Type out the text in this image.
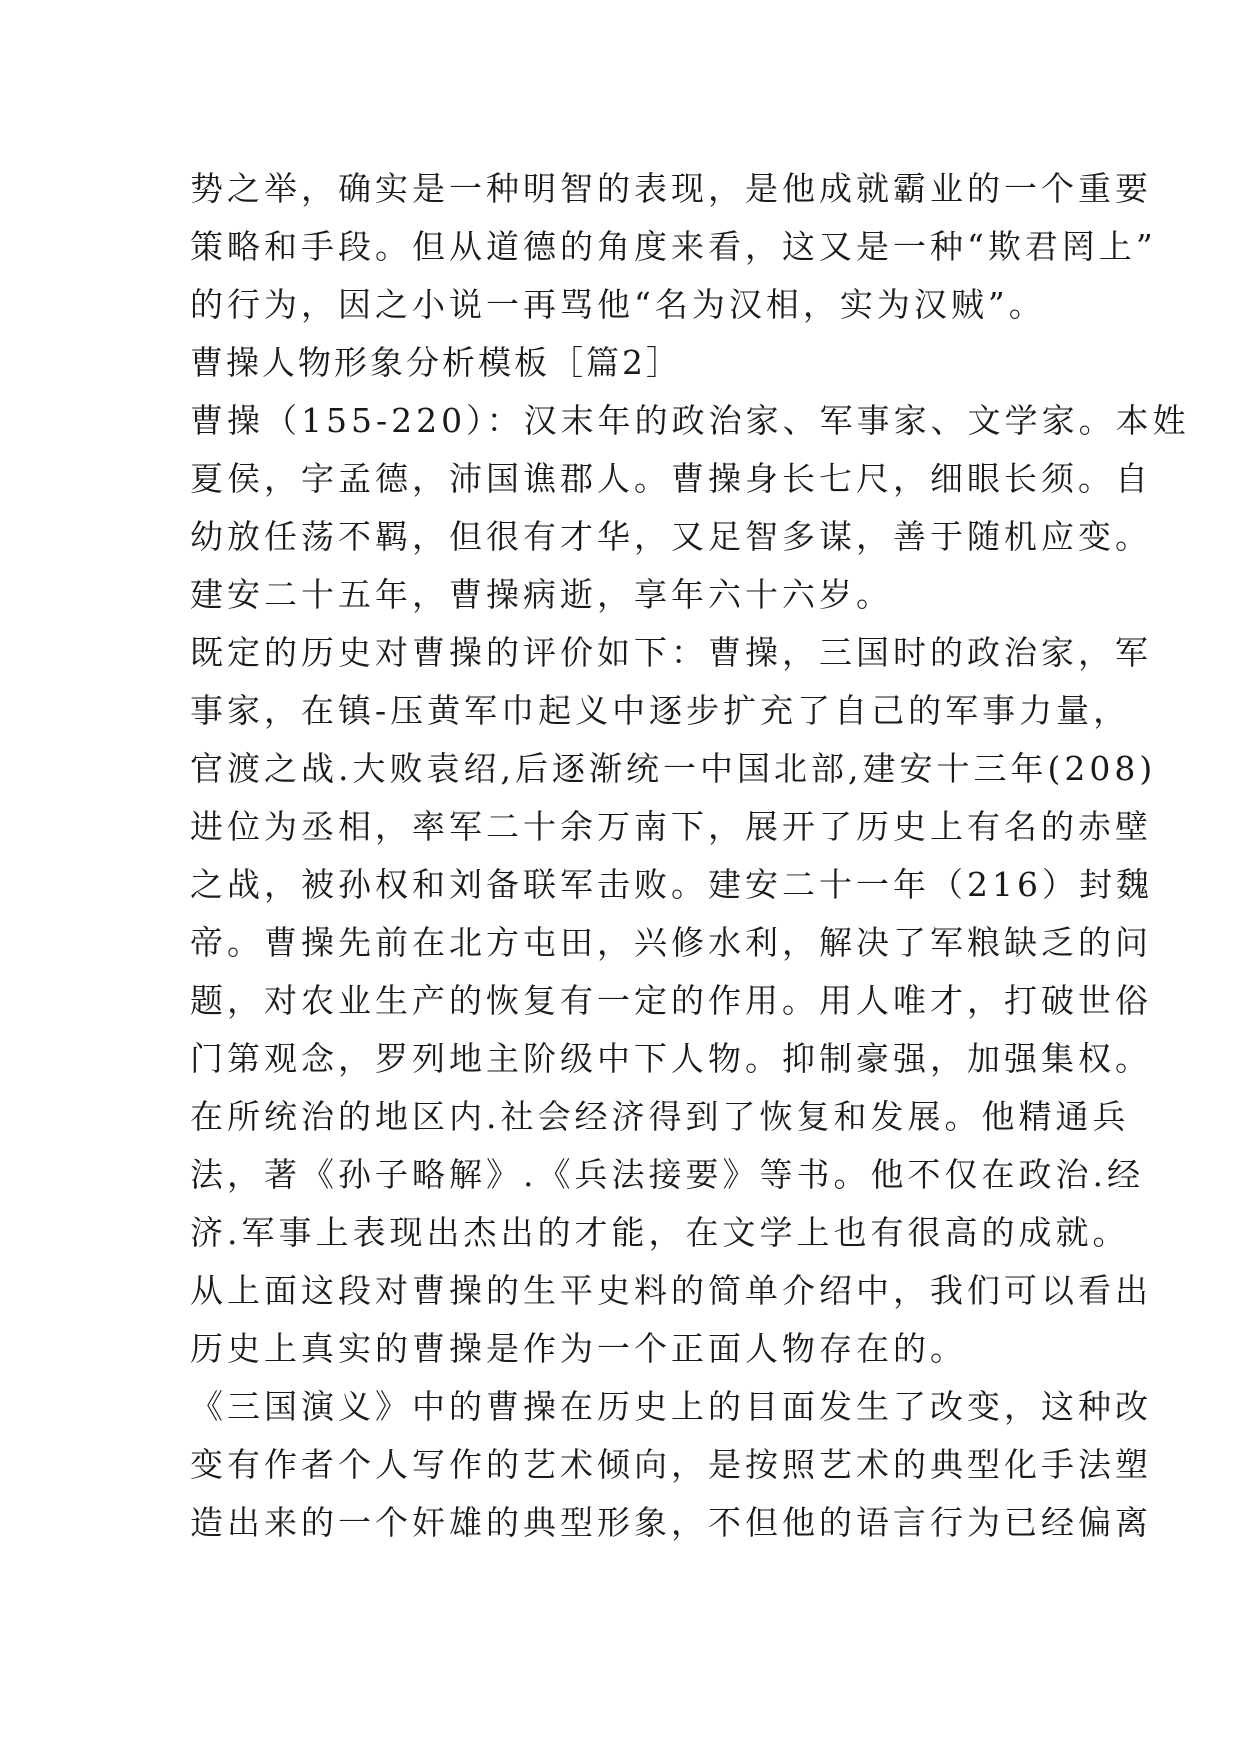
势之举，确实是一种明智的表现，是他成就霸业的一个重要

策略和手段。但从道德的角度来看，这又是一种“欺君罔上”

的行为，因之小说一再骂他“名为汉相，实为汉贼”。

曹操人物形象分析模板［篇2］

曹操（155-220）：汉末年的政治家、军事家、文学家。本姓

夏侯，字孟德，沛国谯郡人。曹操身长七尺，细眼长须。自

幼放任荡不羁，但很有才华，又足智多谋，善于随机应变。

建安二十五年，曹操病逝，享年六十六岁。

既定的历史对曹操的评价如下：曹操，三国时的政治家，军

事家，在镇-压黄军巾起义中逐步扩充了自己的军事力量，

官渡之战.大败袁绍,后逐渐统一中国北部,建安十三年(208)

进位为丞相，率军二十余万南下，展开了历史上有名的赤壁

之战，被孙权和刘备联军击败。建安二十一年（216）封魏

帝。曹操先前在北方屯田，兴修水利，解决了军粮缺乏的问

题，对农业生产的恢复有一定的作用。用人唯才，打破世俗

门第观念，罗列地主阶级中下人物。抑制豪强，加强集权。

在所统治的地区内.社会经济得到了恢复和发展。他精通兵

法，著《孙子略解》.《兵法接要》等书。他不仅在政治.经

济.军事上表现出杰出的才能，在文学上也有很高的成就。

从上面这段对曹操的生平史料的简单介绍中，我们可以看出

历史上真实的曹操是作为一个正面人物存在的。

《三国演义》中的曹操在历史上的目面发生了改变，这种改

变有作者个人写作的艺术倾向，是按照艺术的典型化手法塑

造出来的一个奸雄的典型形象，不但他的语言行为已经偏离
